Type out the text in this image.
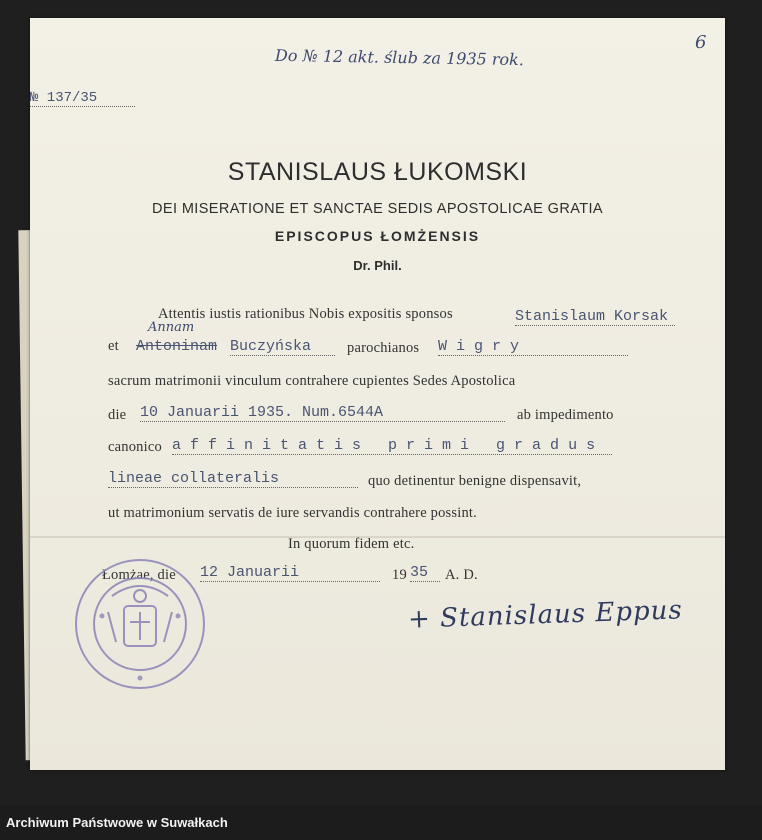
Do № 12 akt. ślub za 1935 rok.
6
№ 137/35
STANISLAUS ŁUKOMSKI
DEI MISERATIONE ET SANCTAE SEDIS APOSTOLICAE GRATIA
EPISCOPUS ŁOMŻENSIS
Dr. Phil.
Attentis iustis rationibus Nobis expositis sponsos	Stanislaum Korsak
et
Annam
Antoninam Buczyńska	parochianos W i g r y
sacrum matrimonii vinculum contrahere cupientes Sedes Apostolica
die 10 Januarii 1935. Num.6544A	ab impedimento
canonico a f f i n i t a t i s   p r i m i   g r a d u s
lineae collateralis	quo detinentur benigne dispensavit,
ut matrimonium servatis de iure servandis contrahere possint.
In quorum fidem etc.
Łomżae, die 12 Januarii	19 35	A. D.
+ Stanislaus Eppus
Archiwum Państwowe w Suwałkach
